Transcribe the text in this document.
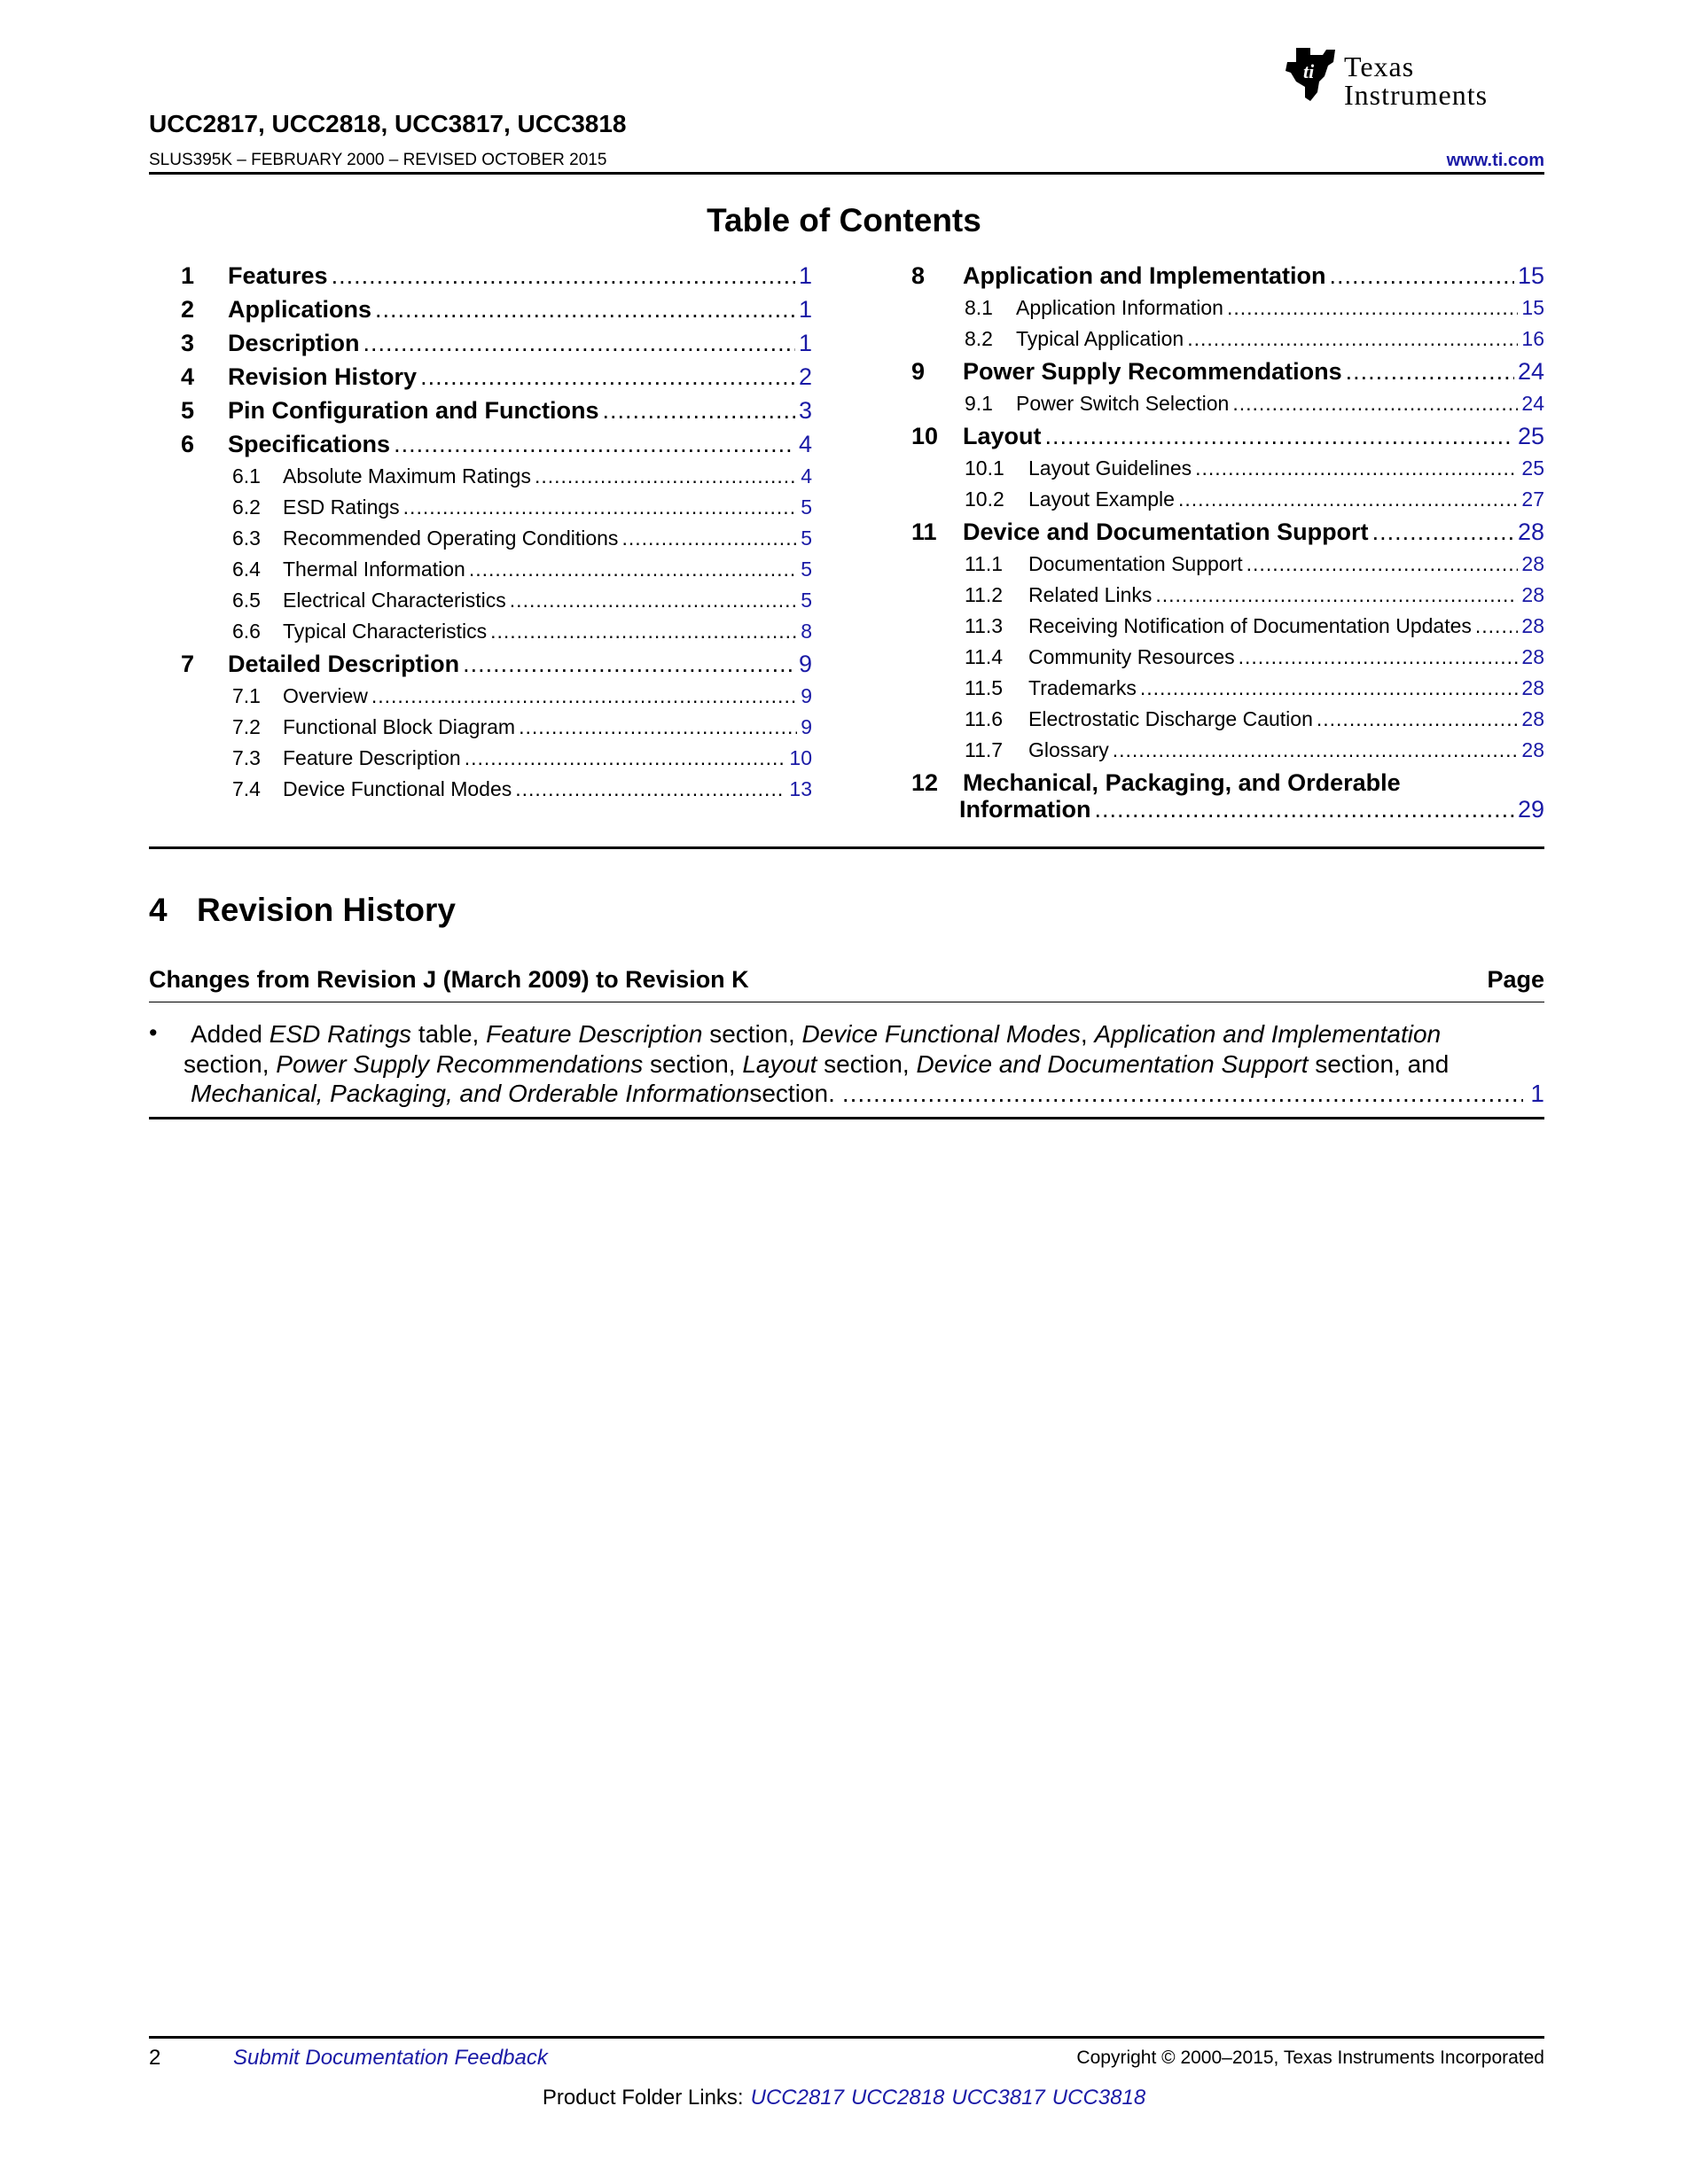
ti Texas
Instruments
UCC2817, UCC2818, UCC3817, UCC3818
SLUS395K – FEBRUARY 2000 – REVISED OCTOBER 2015	www.ti.com
Table of Contents
1	Features .....	1
2	Applications .....	1
3	Description .....	1
4	Revision History .....	2
5	Pin Configuration and Functions .....	3
6	Specifications .....	4
6.1	Absolute Maximum Ratings .....	4
6.2	ESD Ratings .....	5
6.3	Recommended Operating Conditions .....	5
6.4	Thermal Information .....	5
6.5	Electrical Characteristics .....	5
6.6	Typical Characteristics .....	8
7	Detailed Description .....	9
7.1	Overview .....	9
7.2	Functional Block Diagram .....	9
7.3	Feature Description .....	10
7.4	Device Functional Modes .....	13
8	Application and Implementation .....	15
8.1	Application Information .....	15
8.2	Typical Application .....	16
9	Power Supply Recommendations .....	24
9.1	Power Switch Selection .....	24
10	Layout .....	25
10.1	Layout Guidelines .....	25
10.2	Layout Example .....	27
11	Device and Documentation Support .....	28
11.1	Documentation Support .....	28
11.2	Related Links .....	28
11.3	Receiving Notification of Documentation Updates ..... 28
11.4	Community Resources .....	28
11.5	Trademarks .....	28
11.6	Electrostatic Discharge Caution .....	28
11.7	Glossary .....	28
12	Mechanical, Packaging, and Orderable
Information .....	29
4 Revision History
Changes from Revision J (March 2009) to Revision K	Page
• Added ESD Ratings table, Feature Description section, Device Functional Modes, Application and Implementation
section, Power Supply Recommendations section, Layout section, Device and Documentation Support section, and
Mechanical, Packaging, and Orderable Information section. .....	1
2	Submit Documentation Feedback	Copyright © 2000–2015, Texas Instruments Incorporated
Product Folder Links: UCC2817 UCC2818 UCC3817 UCC3818
